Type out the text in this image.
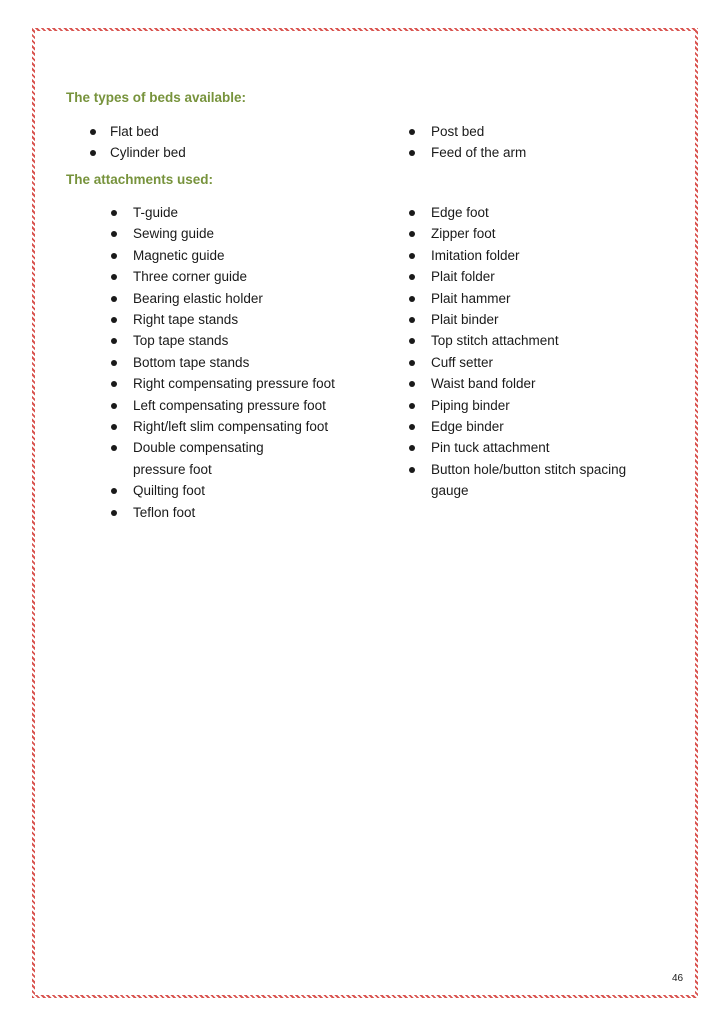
The types of beds available:
Flat bed
Cylinder bed
Post bed
Feed of the arm
The attachments used:
T-guide
Sewing guide
Magnetic guide
Three corner guide
Bearing elastic holder
Right tape stands
Top tape stands
Bottom tape stands
Right compensating pressure foot
Left compensating pressure foot
Right/left slim compensating foot
Double compensating pressure foot
Quilting foot
Teflon foot
Edge foot
Zipper foot
Imitation folder
Plait folder
Plait hammer
Plait binder
Top stitch attachment
Cuff setter
Waist band folder
Piping binder
Edge binder
Pin tuck attachment
Button hole/button stitch spacing gauge
46
